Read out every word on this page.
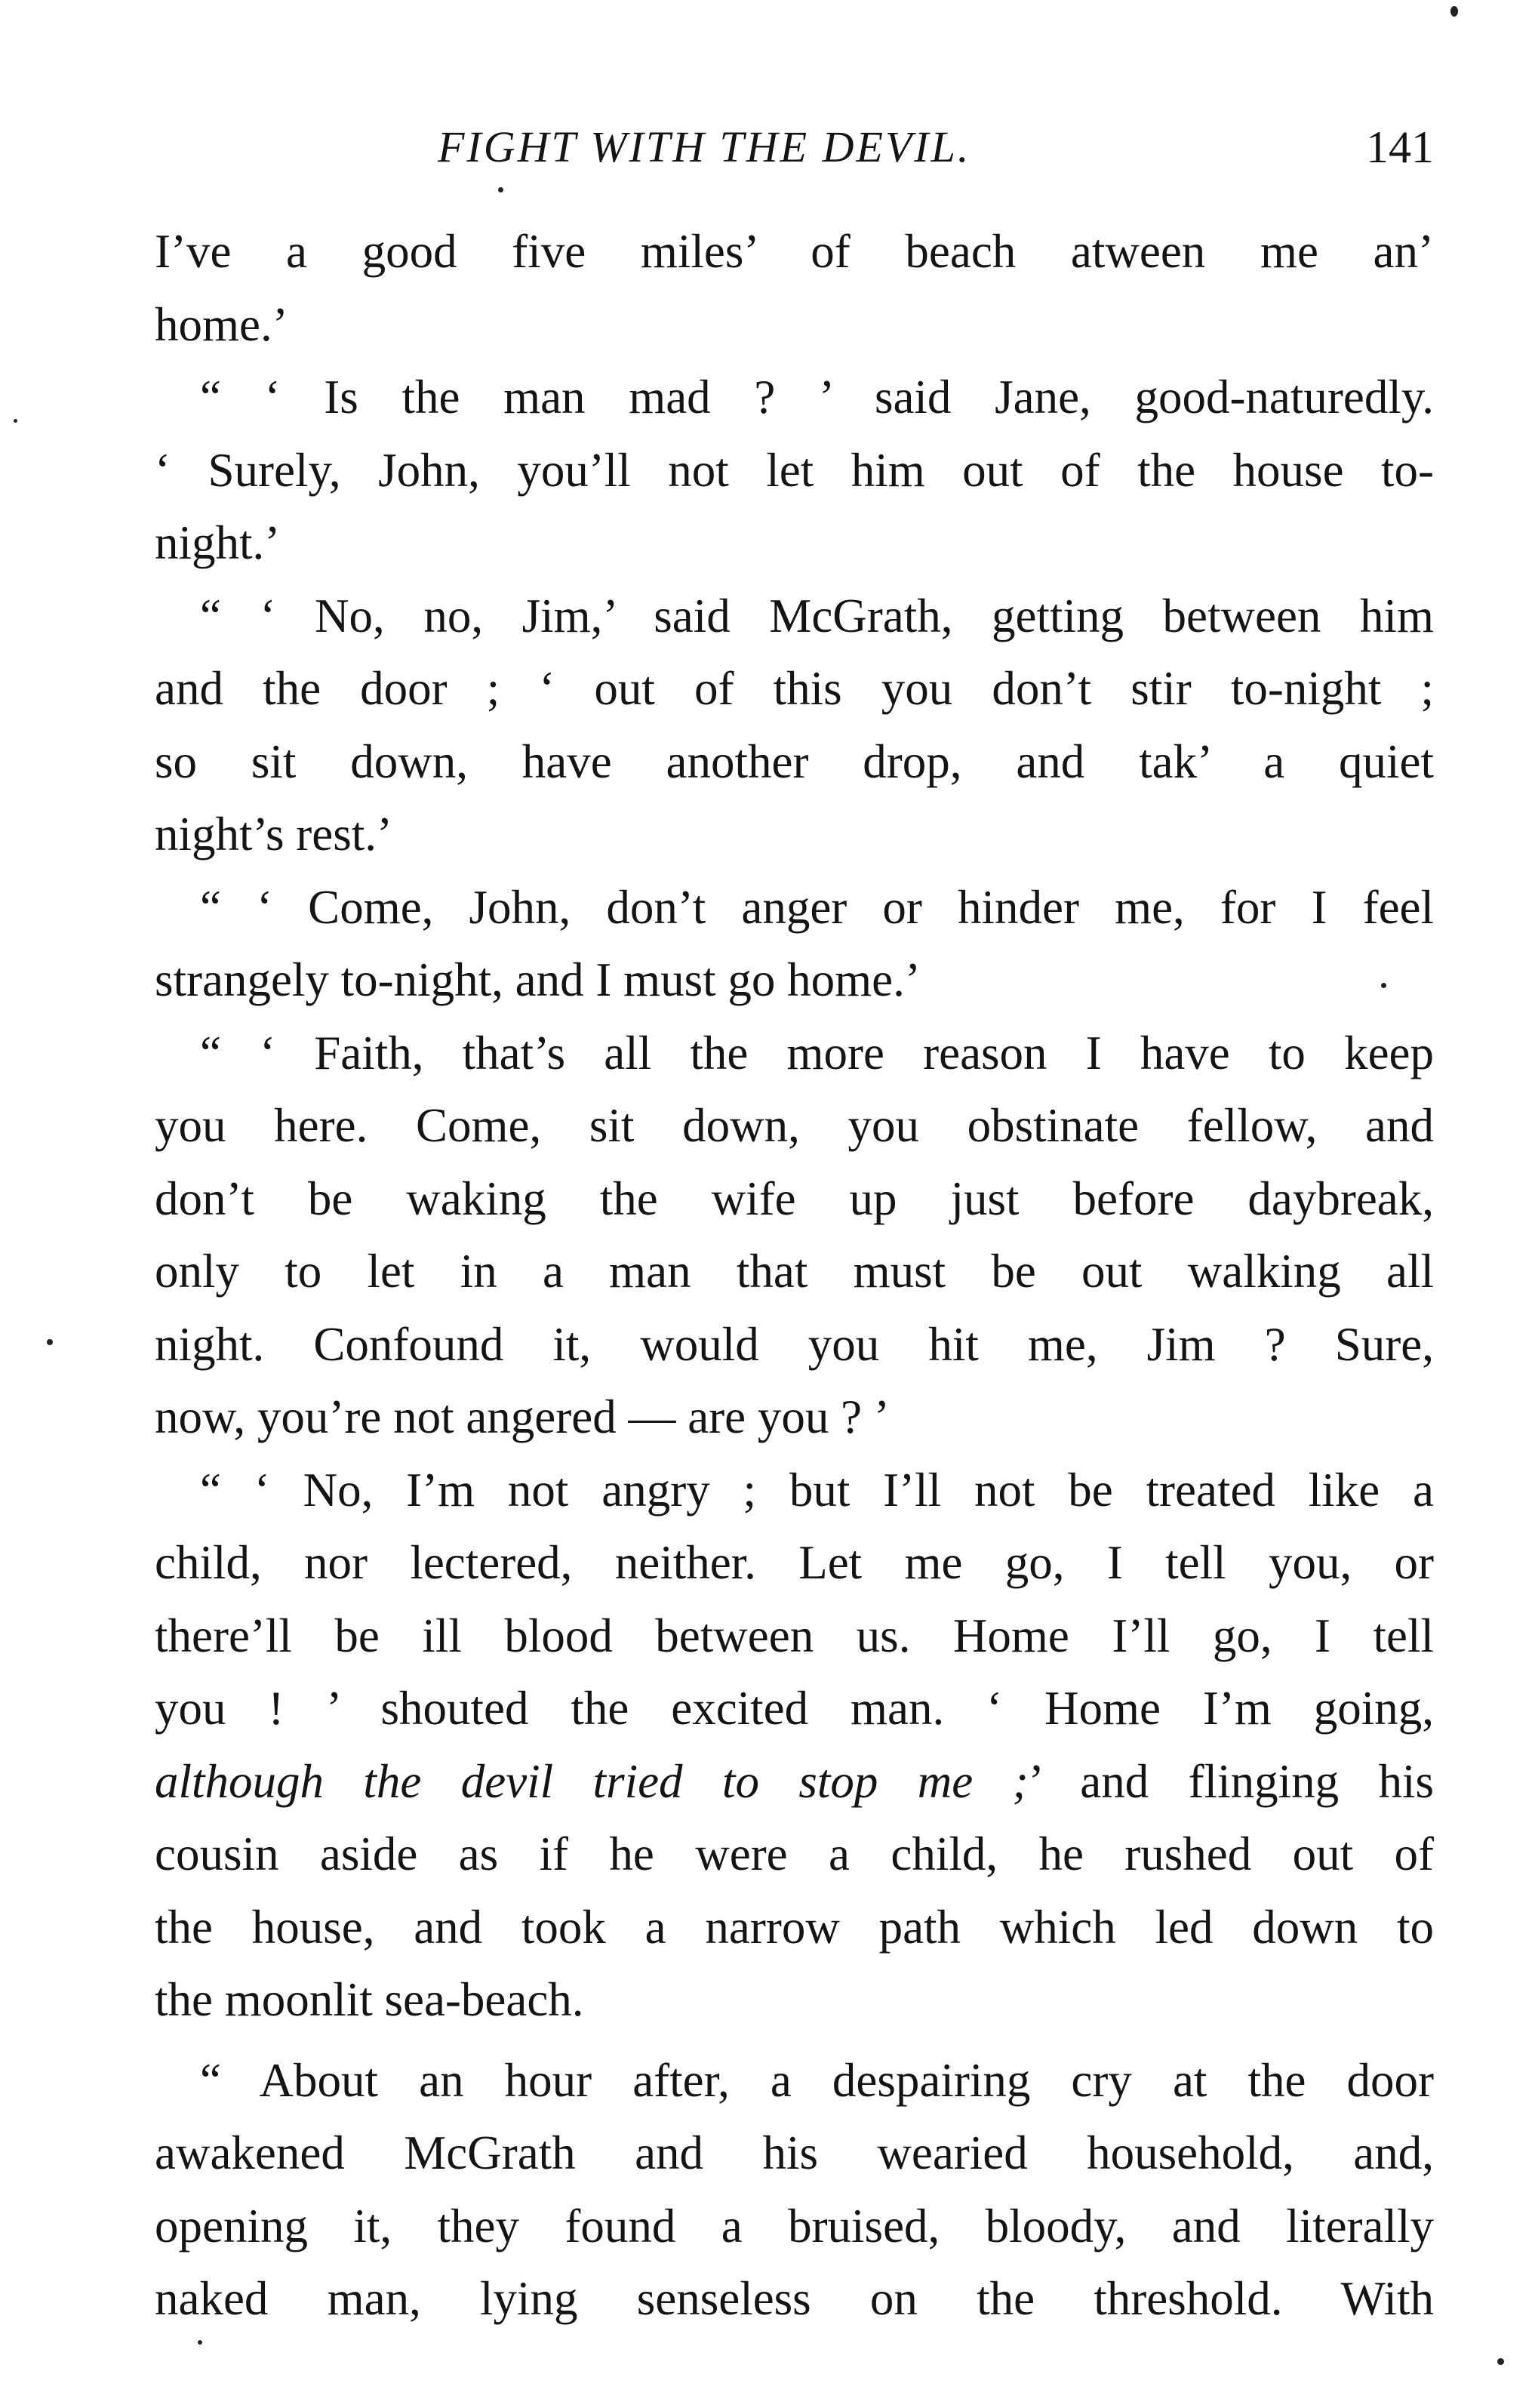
FIGHT WITH THE DEVIL.	141
I’ve a good five miles’ of beach atween me an’
home.’
“ ‘ Is the man mad ? ’ said Jane, good-naturedly.
‘ Surely, John, you’ll not let him out of the house to-
night.’
“ ‘ No, no, Jim,’ said McGrath, getting between him
and the door ; ‘ out of this you don’t stir to-night ;
so sit down, have another drop, and tak’ a quiet
night’s rest.’
“ ‘ Come, John, don’t anger or hinder me, for I feel
strangely to-night, and I must go home.’
“ ‘ Faith, that’s all the more reason I have to keep
you here. Come, sit down, you obstinate fellow, and
don’t be waking the wife up just before daybreak,
only to let in a man that must be out walking all
night. Confound it, would you hit me, Jim ? Sure,
now, you’re not angered — are you ? ’
“ ‘ No, I’m not angry ; but I’ll not be treated like a
child, nor lectered, neither. Let me go, I tell you, or
there’ll be ill blood between us. Home I’ll go, I tell
you ! ’ shouted the excited man. ‘ Home I’m going,
although the devil tried to stop me ;’ and flinging his
cousin aside as if he were a child, he rushed out of
the house, and took a narrow path which led down to
the moonlit sea-beach.
“ About an hour after, a despairing cry at the door
awakened McGrath and his wearied household, and,
opening it, they found a bruised, bloody, and literally
naked man, lying senseless on the threshold. With
